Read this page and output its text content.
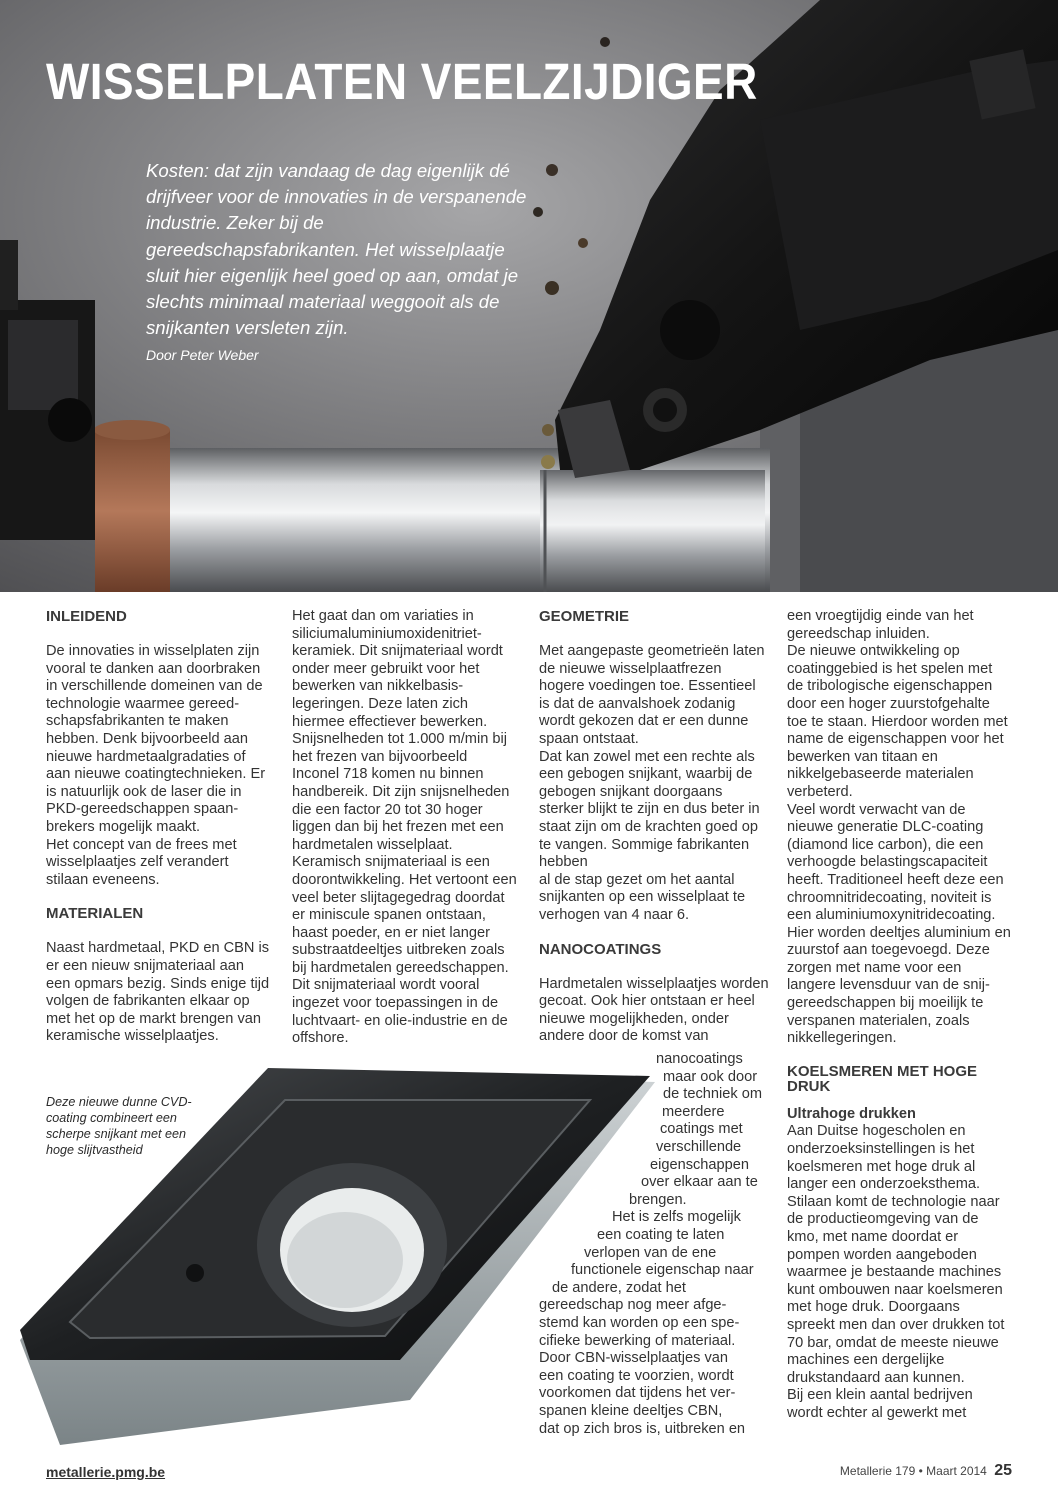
WISSELPLATEN VEELZIJDIGER

Kosten: dat zijn vandaag de dag eigenlijk dé drijfveer voor de innovaties in de verspanende industrie. Zeker bij de gereedschapsfabrikanten. Het wisselplaatje sluit hier eigenlijk heel goed op aan, omdat je slechts minimaal materiaal weggooit als de snijkanten versleten zijn.

Door Peter Weber

INLEIDEND

De innovaties in wisselplaten zijn vooral te danken aan doorbraken in verschillende domeinen van de technologie waarmee gereedschapsfabrikanten te maken hebben. Denk bijvoorbeeld aan nieuwe hardmetaalgradaties of aan nieuwe coatingtechnieken. Er is natuurlijk ook de laser die in PKD-gereedschappen spaanbrekers mogelijk maakt.

Het concept van de frees met wisselplaatjes zelf verandert stilaan eveneens.

MATERIALEN

Naast hardmetaal, PKD en CBN is er een nieuw snijmateriaal aan een opmars bezig. Sinds enige tijd volgen de fabrikanten elkaar op met het op de markt brengen van keramische wisselplaatjes.

Het gaat dan om variaties in siliciumaluminiumoxidenitrietkeramiek. Dit snijmateriaal wordt onder meer gebruikt voor het bewerken van nikkelbasislegeringen. Deze laten zich hiermee effectiever bewerken. Snijsnelheden tot 1.000 m/min bij het frezen van bijvoorbeeld Inconel 718 komen nu binnen handbereik. Dit zijn snijsnelheden die een factor 20 tot 30 hoger liggen dan bij het frezen met een hardmetalen wisselplaat.

Keramisch snijmateriaal is een doorontwikkeling. Het vertoont een veel beter slijtagegedrag doordat er miniscule spanen ontstaan, haast poeder, en er niet langer substraatdeeltjes uitbreken zoals bij hardmetalen gereedschappen. Dit snijmateriaal wordt vooral ingezet voor toepassingen in de luchtvaart- en olie-industrie en de offshore.

GEOMETRIE

Met aangepaste geometrieën laten de nieuwe wisselplaatfrezen hogere voedingen toe. Essentieel is dat de aanvalshoek zodanig wordt gekozen dat er een dunne spaan ontstaat.

Dat kan zowel met een rechte als een gebogen snijkant, waarbij de gebogen snijkant doorgaans sterker blijkt te zijn en dus beter in staat zijn om de krachten goed op te vangen. Sommige fabrikanten hebben

al de stap gezet om het aantal snijkanten op een wisselplaat te verhogen van 4 naar 6.

NANOCOATINGS

Hardmetalen wisselplaatjes worden gecoat. Ook hier ontstaan er heel nieuwe mogelijkheden, onder andere door de komst van

Deze nieuwe dunne CVD-coating combineert een scherpe snijkant met een hoge slijtvastheid

nanocoatings

maar ook door

de techniek om

meerdere

coatings met

verschillende

eigenschappen

over elkaar aan te

brengen.

Het is zelfs mogelijk

een coating te laten

verlopen van de ene

functionele eigenschap naar

de andere, zodat het

gereedschap nog meer afge-

stemd kan worden op een spe-

cifieke bewerking of materiaal.

Door CBN-wisselplaatjes van

een coating te voorzien, wordt

voorkomen dat tijdens het ver-

spanen kleine deeltjes CBN,

dat op zich bros is, uitbreken en

een vroegtijdig einde van het gereedschap inluiden.

De nieuwe ontwikkeling op coatinggebied is het spelen met de tribologische eigenschappen door een hoger zuurstofgehalte toe te staan. Hierdoor worden met name de eigenschappen voor het bewerken van titaan en nikkelgebaseerde materialen verbeterd.

Veel wordt verwacht van de nieuwe generatie DLC-coating (diamond lice carbon), die een verhoogde belastingscapaciteit heeft. Traditioneel heeft deze een chroomnitridecoating, noviteit is een aluminiumoxynitridecoating. Hier worden deeltjes aluminium en zuurstof aan toegevoegd. Deze zorgen met name voor een langere levensduur van de snijgereedschappen bij moeilijk te verspanen materialen, zoals nikkellegeringen.

KOELSMEREN MET HOGE DRUK
Ultrahoge drukken

Aan Duitse hogescholen en onderzoeksinstellingen is het koelsmeren met hoge druk al langer een onderzoeksthema. Stilaan komt de technologie naar de productieomgeving van de kmo, met name doordat er pompen worden aangeboden waarmee je bestaande machines kunt ombouwen naar koelsmeren met hoge druk. Doorgaans spreekt men dan over drukken tot 70 bar, omdat de meeste nieuwe machines een dergelijke drukstandaard aan kunnen.

Bij een klein aantal bedrijven wordt echter al gewerkt met

metallerie.pmg.be	Metallerie 179 • Maart 2014 25
